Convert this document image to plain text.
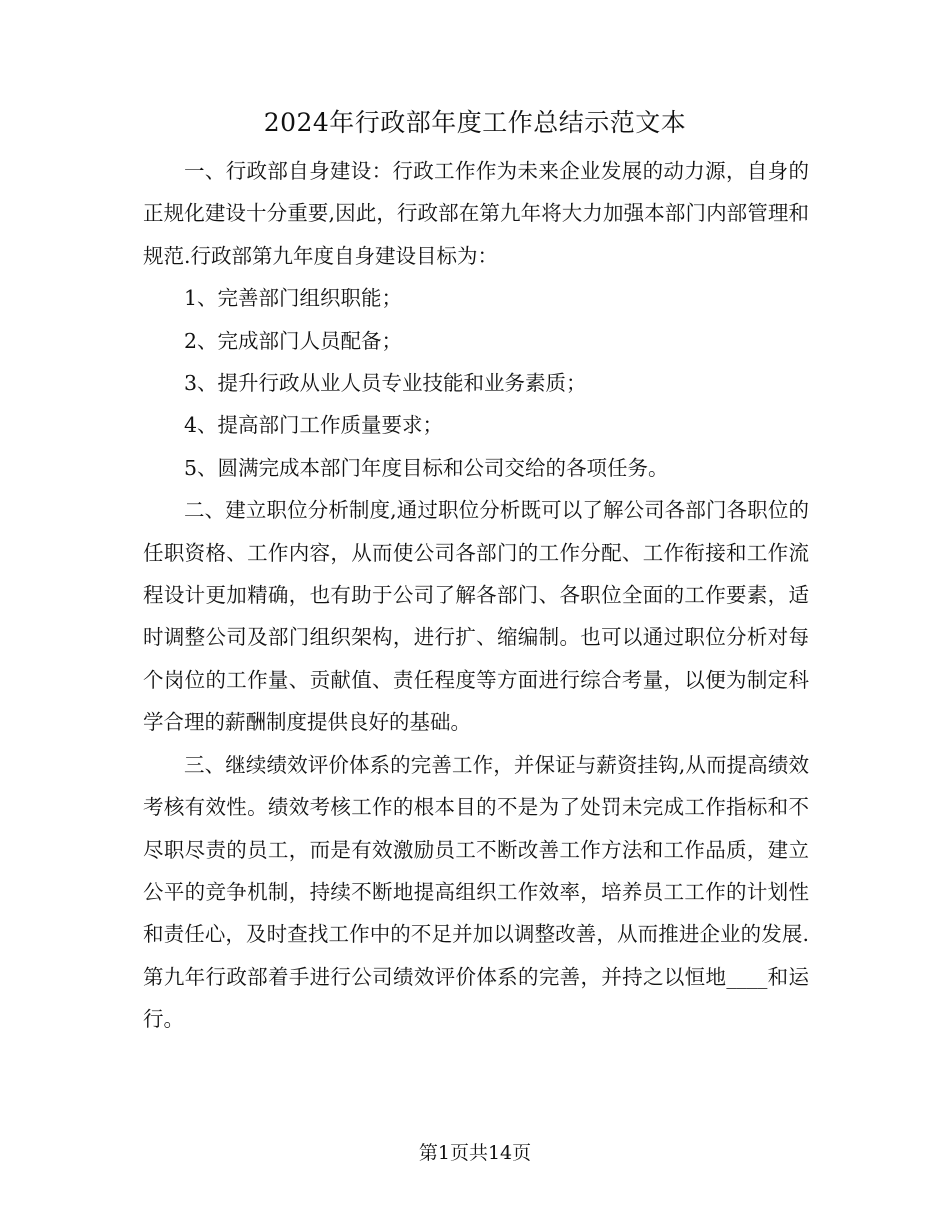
2024年行政部年度工作总结示范文本

一、行政部自身建设：行政工作作为未来企业发展的动力源，自身的正规化建设十分重要,因此，行政部在第九年将大力加强本部门内部管理和规范.行政部第九年度自身建设目标为：

1、完善部门组织职能；

2、完成部门人员配备；

3、提升行政从业人员专业技能和业务素质；

4、提高部门工作质量要求；

5、圆满完成本部门年度目标和公司交给的各项任务。

二、建立职位分析制度,通过职位分析既可以了解公司各部门各职位的任职资格、工作内容，从而使公司各部门的工作分配、工作衔接和工作流程设计更加精确，也有助于公司了解各部门、各职位全面的工作要素，适时调整公司及部门组织架构，进行扩、缩编制。也可以通过职位分析对每个岗位的工作量、贡献值、责任程度等方面进行综合考量，以便为制定科学合理的薪酬制度提供良好的基础。

三、继续绩效评价体系的完善工作，并保证与薪资挂钩,从而提高绩效考核有效性。绩效考核工作的根本目的不是为了处罚未完成工作指标和不尽职尽责的员工，而是有效激励员工不断改善工作方法和工作品质，建立公平的竞争机制，持续不断地提高组织工作效率，培养员工工作的计划性和责任心，及时查找工作中的不足并加以调整改善，从而推进企业的发展.第九年行政部着手进行公司绩效评价体系的完善，并持之以恒地____和运行。

第1页共14页
